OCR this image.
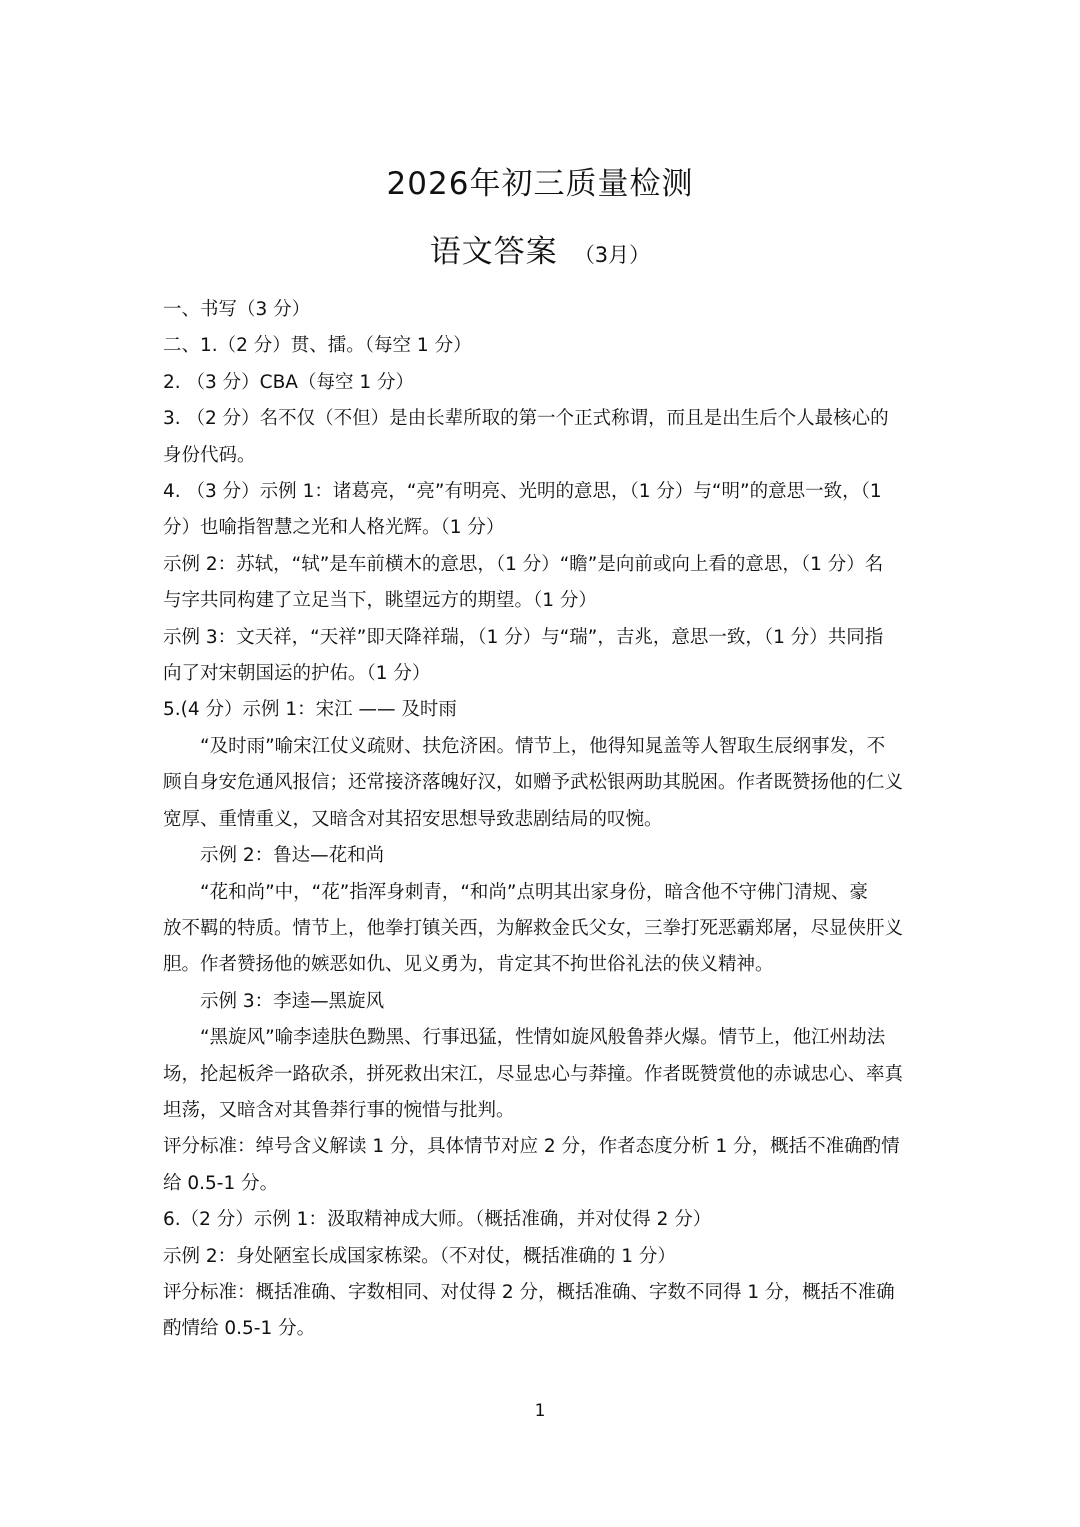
2026年初三质量检测
语文答案 （3月）

一、书写（3 分）

二、1.（2 分）贯、擂。（每空 1 分）

2. （3 分）CBA（每空 1 分）

3. （2 分）名不仅（不但）是由长辈所取的第一个正式称谓，而且是出生后个人最核心的

身份代码。

4. （3 分）示例 1：诸葛亮，“亮”有明亮、光明的意思，（1 分）与“明”的意思一致，（1

分）也喻指智慧之光和人格光辉。（1 分）

示例 2：苏轼，“轼”是车前横木的意思，（1 分）“瞻”是向前或向上看的意思，（1 分）名

与字共同构建了立足当下，眺望远方的期望。（1 分）

示例 3：文天祥，“天祥”即天降祥瑞，（1 分）与“瑞”，吉兆，意思一致，（1 分）共同指

向了对宋朝国运的护佑。（1 分）

5.(4 分）示例 1：宋江 —— 及时雨

“及时雨”喻宋江仗义疏财、扶危济困。情节上，他得知晁盖等人智取生辰纲事发，不

顾自身安危通风报信；还常接济落魄好汉，如赠予武松银两助其脱困。作者既赞扬他的仁义

宽厚、重情重义，又暗含对其招安思想导致悲剧结局的叹惋。

示例 2：鲁达—花和尚

“花和尚”中，“花”指浑身刺青，“和尚”点明其出家身份，暗含他不守佛门清规、豪

放不羁的特质。情节上，他拳打镇关西，为解救金氏父女，三拳打死恶霸郑屠，尽显侠肝义

胆。作者赞扬他的嫉恶如仇、见义勇为，肯定其不拘世俗礼法的侠义精神。

示例 3：李逵—黑旋风

“黑旋风”喻李逵肤色黝黑、行事迅猛，性情如旋风般鲁莽火爆。情节上，他江州劫法

场，抡起板斧一路砍杀，拼死救出宋江，尽显忠心与莽撞。作者既赞赏他的赤诚忠心、率真

坦荡，又暗含对其鲁莽行事的惋惜与批判。

评分标准：绰号含义解读 1 分，具体情节对应 2 分，作者态度分析 1 分，概括不准确酌情

给 0.5-1 分。

6.（2 分）示例 1：汲取精神成大师。（概括准确，并对仗得 2 分）

示例 2：身处陋室长成国家栋梁。（不对仗，概括准确的 1 分）

评分标准：概括准确、字数相同、对仗得 2 分，概括准确、字数不同得 1 分，概括不准确

酌情给 0.5-1 分。

1
